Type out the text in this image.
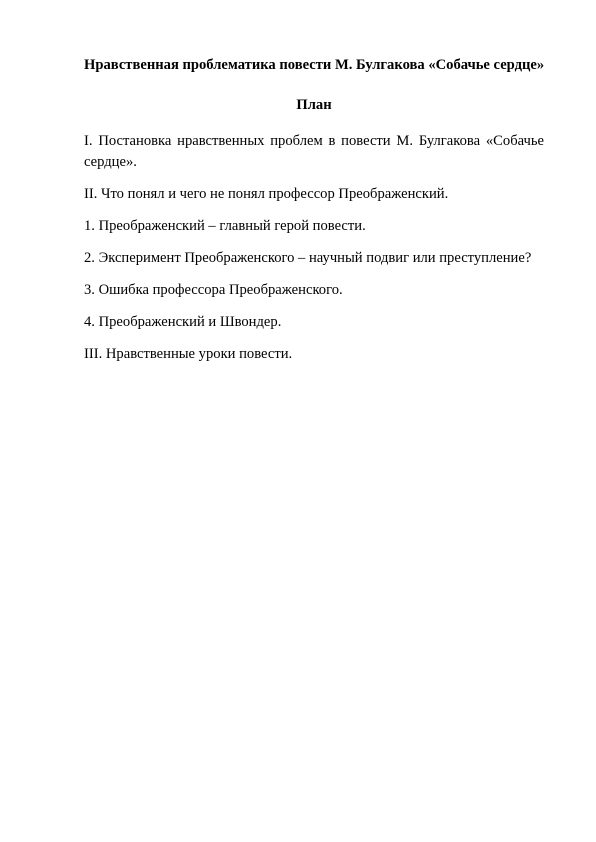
Нравственная проблематика повести М. Булгакова «Собачье сердце»
План
I. Постановка нравственных проблем в повести М. Булгакова «Собачье сердце».
II. Что понял и чего не понял профессор Преображенский.
1. Преображенский – главный герой повести.
2. Эксперимент Преображенского – научный подвиг или преступление?
3. Ошибка профессора Преображенского.
4. Преображенский и Швондер.
III. Нравственные уроки повести.
